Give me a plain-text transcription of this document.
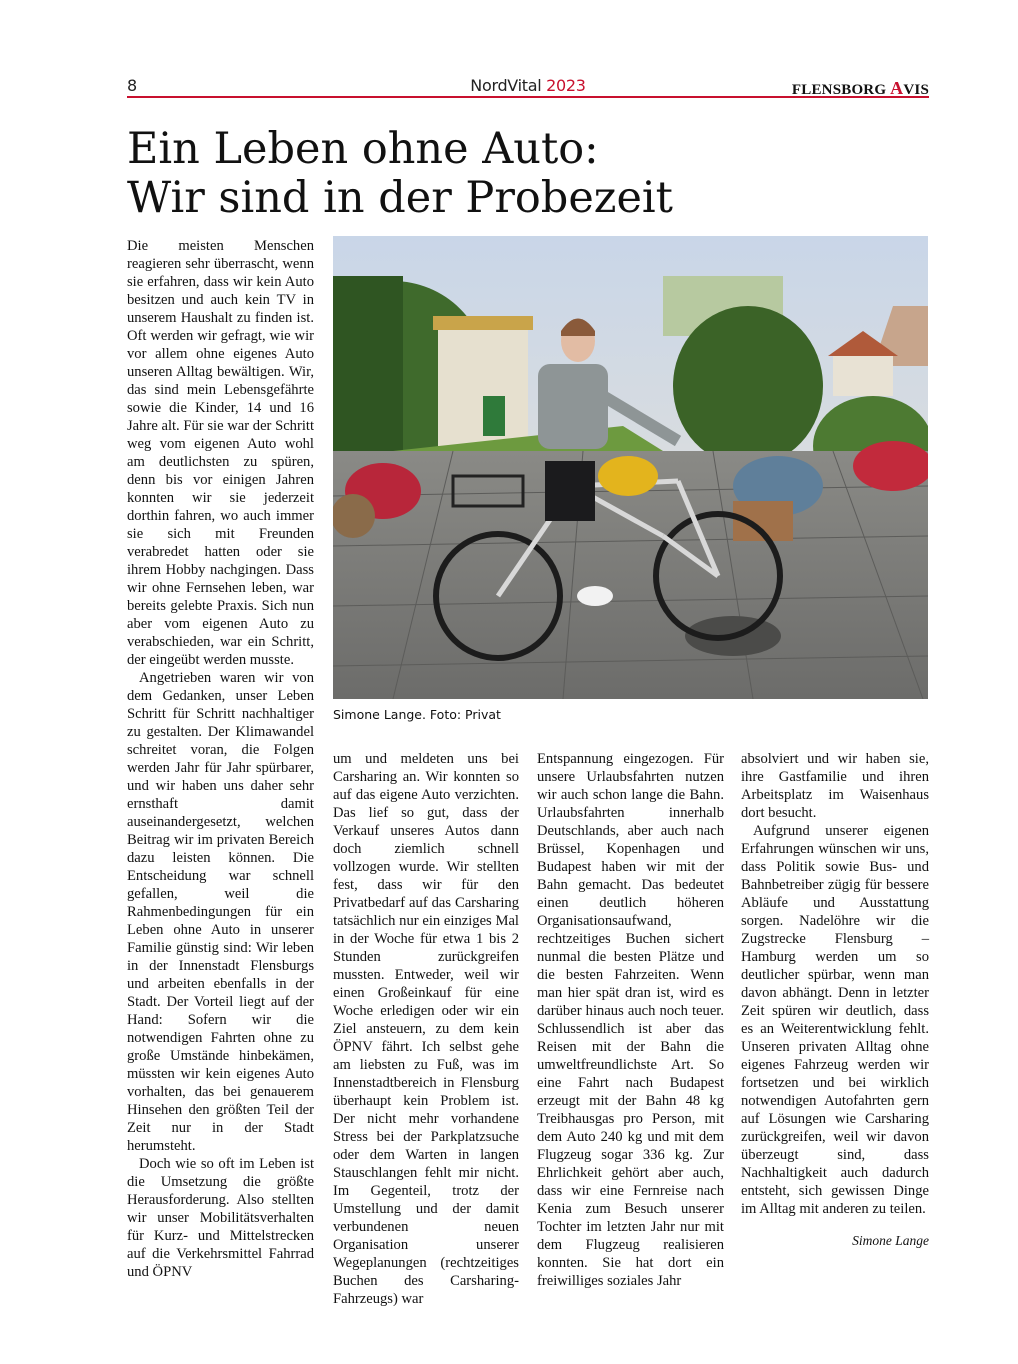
8	NordVital 2023	FLENSBORG AVIS
Ein Leben ohne Auto:
Wir sind in der Probezeit

Die meisten Menschen reagieren sehr überrascht, wenn sie erfahren, dass wir kein Auto besitzen und auch kein TV in unserem Haushalt zu finden ist. Oft werden wir gefragt, wie wir vor allem ohne eigenes Auto unseren Alltag bewältigen. Wir, das sind mein Lebensgefährte sowie die Kinder, 14 und 16 Jahre alt. Für sie war der Schritt weg vom eigenen Auto wohl am deutlichsten zu spüren, denn bis vor einigen Jahren konnten wir sie jederzeit dorthin fahren, wo auch immer sie sich mit Freunden verabredet hatten oder sie ihrem Hobby nachgingen. Dass wir ohne Fernsehen leben, war bereits gelebte Praxis. Sich nun aber vom eigenen Auto zu verabschieden, war ein Schritt, der eingeübt werden musste.

Angetrieben waren wir von dem Gedanken, unser Leben Schritt für Schritt nachhaltiger zu gestalten. Der Klimawandel schreitet voran, die Folgen werden Jahr für Jahr spürbarer, und wir haben uns daher sehr ernsthaft damit auseinandergesetzt, welchen Beitrag wir im privaten Bereich dazu leisten können. Die Entscheidung war schnell gefallen, weil die Rahmenbedingungen für ein Leben ohne Auto in unserer Familie günstig sind: Wir leben in der Innenstadt Flensburgs und arbeiten ebenfalls in der Stadt. Der Vorteil liegt auf der Hand: Sofern wir die notwendigen Fahrten ohne zu große Umstände hinbekämen, müssten wir kein eigenes Auto vorhalten, das bei genauerem Hinsehen den größten Teil der Zeit nur in der Stadt herumsteht.

Doch wie so oft im Leben ist die Umsetzung die größte Herausforderung. Also stellten wir unser Mobilitätsverhalten für Kurz- und Mittelstrecken auf die Verkehrsmittel Fahrrad und ÖPNV

Simone Lange. Foto: Privat

um und meldeten uns bei Carsharing an. Wir konnten so auf das eigene Auto verzichten. Das lief so gut, dass der Verkauf unseres Autos dann doch ziemlich schnell vollzogen wurde. Wir stellten fest, dass wir für den Privatbedarf auf das Carsharing tatsächlich nur ein einziges Mal in der Woche für etwa 1 bis 2 Stunden zurückgreifen mussten. Entweder, weil wir einen Großeinkauf für eine Woche erledigen oder wir ein Ziel ansteuern, zu dem kein ÖPNV fährt. Ich selbst gehe am liebsten zu Fuß, was im Innenstadtbereich in Flensburg überhaupt kein Problem ist. Der nicht mehr vorhandene Stress bei der Parkplatzsuche oder dem Warten in langen Stauschlangen fehlt mir nicht. Im Gegenteil, trotz der Umstellung und der damit verbundenen neuen Organisation unserer Wegeplanungen (rechtzeitiges Buchen des Carsharing-Fahrzeugs) war

Entspannung eingezogen. Für unsere Urlaubsfahrten nutzen wir auch schon lange die Bahn. Urlaubsfahrten innerhalb Deutschlands, aber auch nach Brüssel, Kopenhagen und Budapest haben wir mit der Bahn gemacht. Das bedeutet einen deutlich höheren Organisationsaufwand, rechtzeitiges Buchen sichert nunmal die besten Plätze und die besten Fahrzeiten. Wenn man hier spät dran ist, wird es darüber hinaus auch noch teuer. Schlussendlich ist aber das Reisen mit der Bahn die umweltfreundlichste Art. So eine Fahrt nach Budapest erzeugt mit der Bahn 48 kg Treibhausgas pro Person, mit dem Auto 240 kg und mit dem Flugzeug sogar 336 kg. Zur Ehrlichkeit gehört aber auch, dass wir eine Fernreise nach Kenia zum Besuch unserer Tochter im letzten Jahr nur mit dem Flugzeug realisieren konnten. Sie hat dort ein freiwilliges soziales Jahr

absolviert und wir haben sie, ihre Gastfamilie und ihren Arbeitsplatz im Waisenhaus dort besucht.

Aufgrund unserer eigenen Erfahrungen wünschen wir uns, dass Politik sowie Bus- und Bahnbetreiber zügig für bessere Abläufe und Ausstattung sorgen. Nadelöhre wir die Zugstrecke Flensburg – Hamburg werden um so deutlicher spürbar, wenn man davon abhängt. Denn in letzter Zeit spüren wir deutlich, dass es an Weiterentwicklung fehlt. Unseren privaten Alltag ohne eigenes Fahrzeug werden wir fortsetzen und bei wirklich notwendigen Autofahrten gern auf Lösungen wie Carsharing zurückgreifen, weil wir davon überzeugt sind, dass Nachhaltigkeit auch dadurch entsteht, sich gewissen Dinge im Alltag mit anderen zu teilen.

Simone Lange
